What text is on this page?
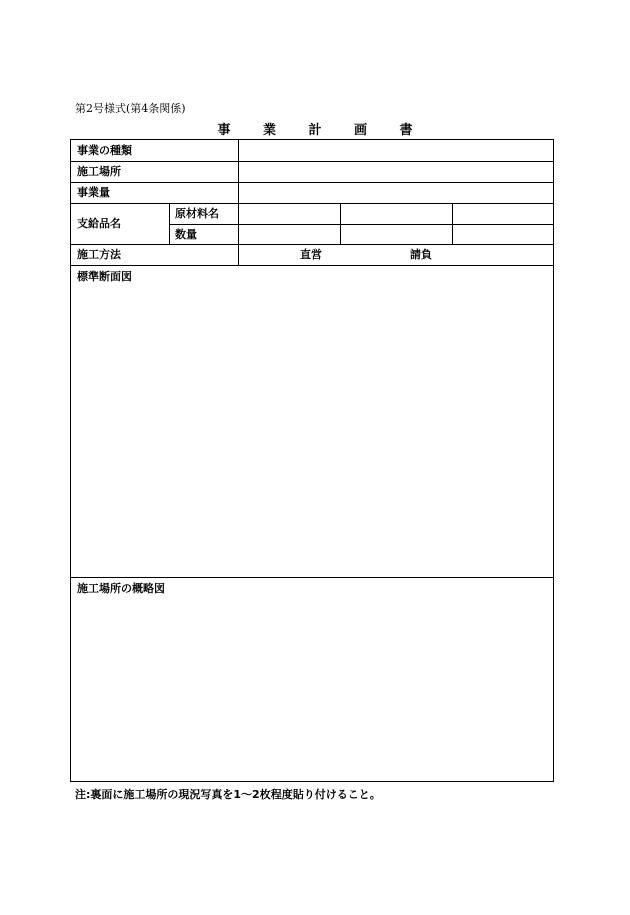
第2号様式(第4条関係)
事 業 計 画 書
事業の種類
施工場所
事業量
支給品名
原材料名
数量
施工方法	直営	請負
標準断面図
施工場所の概略図
注:裏面に施工場所の現況写真を1～2枚程度貼り付けること。
